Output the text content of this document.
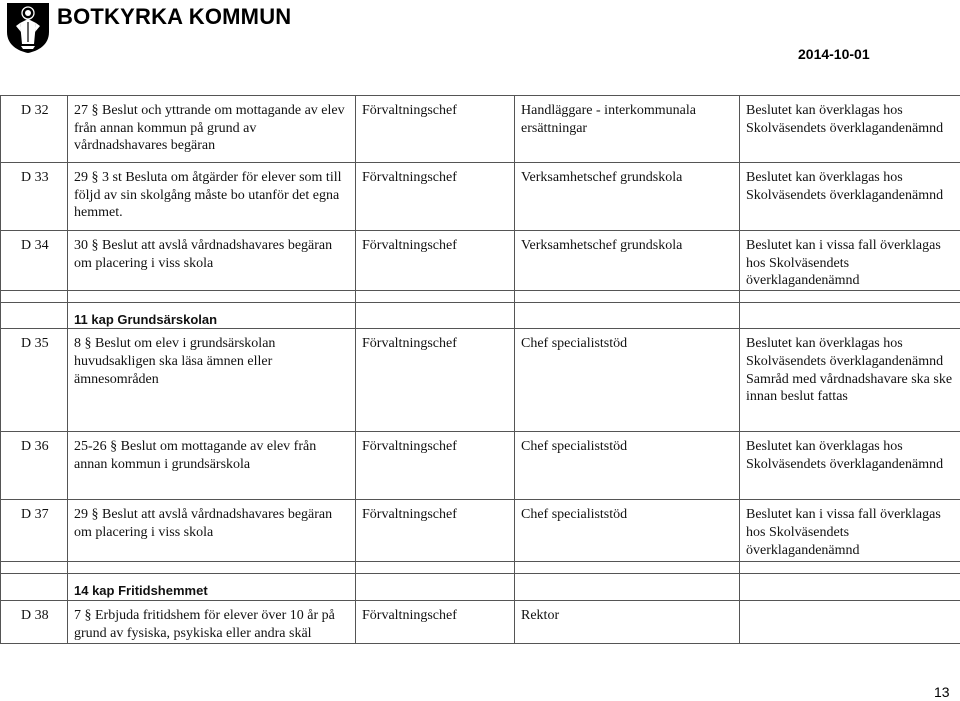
BOTKYRKA KOMMUN
2014-10-01
D 32	27 § Beslut och yttrande om mottagande av elev från annan kommun på grund av vårdnadshavares begäran	Förvaltningschef	Handläggare - interkommunala ersättningar	Beslutet kan överklagas hos Skolväsendets överklagandenämnd

D 33	29 § 3 st Besluta om åtgärder för elever som till följd av sin skolgång måste bo utanför det egna hemmet.	Förvaltningschef	Verksamhetschef grundskola	Beslutet kan överklagas hos Skolväsendets överklagandenämnd

D 34	30 § Beslut att avslå vårdnadshavares begäran om placering i viss skola	Förvaltningschef	Verksamhetschef grundskola	Beslutet kan i vissa fall överklagas hos Skolväsendets överklagandenämnd

	11 kap Grundsärskolan			
D 35	8 § Beslut om elev i grundsärskolan huvudsakligen ska läsa ämnen eller ämnesområden	Förvaltningschef	Chef specialiststöd	Beslutet kan överklagas hos Skolväsendets överklagandenämnd
Samråd med vårdnadshavare ska ske innan beslut fattas

D 36	25-26 § Beslut om mottagande av elev från annan kommun i grundsärskola	Förvaltningschef	Chef specialiststöd	Beslutet kan överklagas hos Skolväsendets överklagandenämnd

D 37	29 § Beslut att avslå vårdnadshavares begäran om placering i viss skola	Förvaltningschef	Chef specialiststöd	Beslutet kan i vissa fall överklagas hos Skolväsendets överklagandenämnd

	14 kap Fritidshemmet			
D 38	7 § Erbjuda fritidshem för elever över 10 år på grund av fysiska, psykiska eller andra skäl	Förvaltningschef	Rektor	
13
